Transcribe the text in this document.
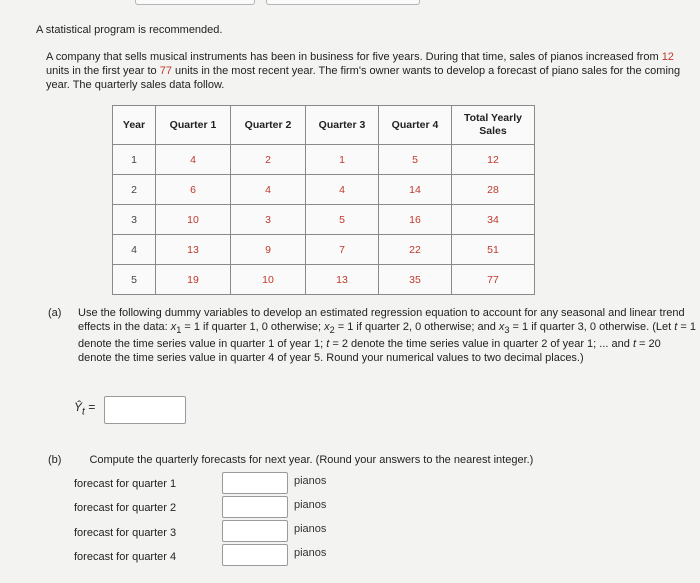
A statistical program is recommended.
A company that sells musical instruments has been in business for five years. During that time, sales of pianos increased from 12 units in the first year to 77 units in the most recent year. The firm's owner wants to develop a forecast of piano sales for the coming year. The quarterly sales data follow.
Year	Quarter 1	Quarter 2	Quarter 3	Quarter 4	Total Yearly Sales
1	4	2	1	5	12
2	6	4	4	14	28
3	10	3	5	16	34
4	13	9	7	22	51
5	19	10	13	35	77
(a) Use the following dummy variables to develop an estimated regression equation to account for any seasonal and linear trend effects in the data: $x_1 = 1$ if quarter 1, 0 otherwise; $x_2 = 1$ if quarter 2, 0 otherwise; and $x_3 = 1$ if quarter 3, 0 otherwise. (Let t = 1 denote the time series value in quarter 1 of year 1; t = 2 denote the time series value in quarter 2 of year 1; ... and t = 20 denote the time series value in quarter 4 of year 5. Round your numerical values to two decimal places.)
$Ŷ_t$ =
(b)	Compute the quarterly forecasts for next year. (Round your answers to the nearest integer.)
forecast for quarter 1	pianos
forecast for quarter 2	pianos
forecast for quarter 3	pianos
forecast for quarter 4	pianos
